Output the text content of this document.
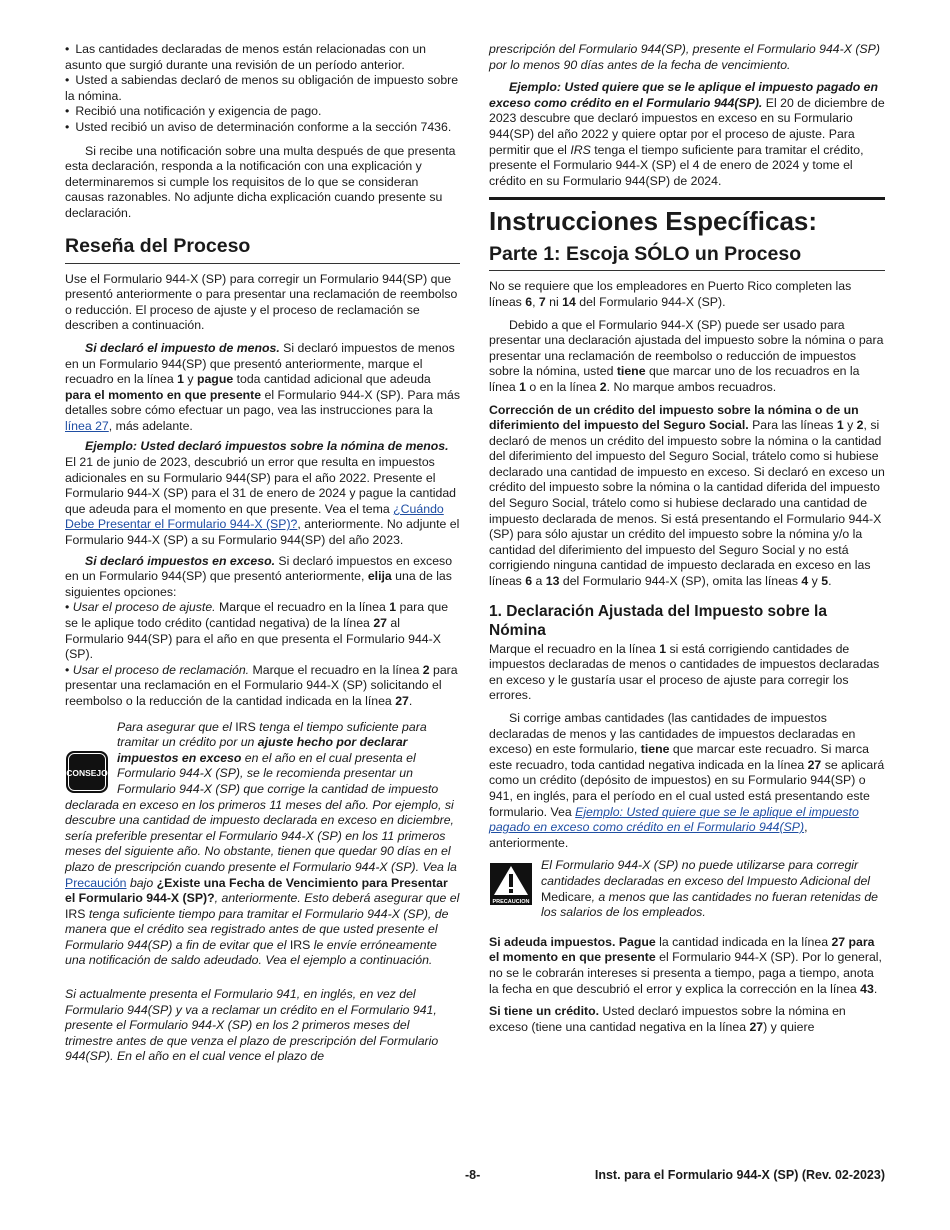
• Las cantidades declaradas de menos están relacionadas con un asunto que surgió durante una revisión de un período anterior.
• Usted a sabiendas declaró de menos su obligación de impuesto sobre la nómina.
• Recibió una notificación y exigencia de pago.
• Usted recibió un aviso de determinación conforme a la sección 7436.

Si recibe una notificación sobre una multa después de que presenta esta declaración, responda a la notificación con una explicación y determinaremos si cumple los requisitos de lo que se consideran causas razonables. No adjunte dicha explicación cuando presente su declaración.

Reseña del Proceso

Use el Formulario 944-X (SP) para corregir un Formulario 944(SP) que presentó anteriormente o para presentar una reclamación de reembolso o reducción. El proceso de ajuste y el proceso de reclamación se describen a continuación.

Si declaró el impuesto de menos. Si declaró impuestos de menos en un Formulario 944(SP) que presentó anteriormente, marque el recuadro en la línea 1 y pague toda cantidad adicional que adeuda para el momento en que presente el Formulario 944-X (SP). Para más detalles sobre cómo efectuar un pago, vea las instrucciones para la línea 27, más adelante.

Ejemplo: Usted declaró impuestos sobre la nómina de menos. El 21 de junio de 2023, descubrió un error que resulta en impuestos adicionales en su Formulario 944(SP) para el año 2022. Presente el Formulario 944-X (SP) para el 31 de enero de 2024 y pague la cantidad que adeuda para el momento en que presente. Vea el tema ¿Cuándo Debe Presentar el Formulario 944-X (SP)?, anteriormente. No adjunte el Formulario 944-X (SP) a su Formulario 944(SP) del año 2023.

Si declaró impuestos en exceso. Si declaró impuestos en exceso en un Formulario 944(SP) que presentó anteriormente, elija una de las siguientes opciones:

• Usar el proceso de ajuste. Marque el recuadro en la línea 1 para que se le aplique todo crédito (cantidad negativa) de la línea 27 al Formulario 944(SP) para el año en que presenta el Formulario 944-X (SP).

• Usar el proceso de reclamación. Marque el recuadro en la línea 2 para presentar una reclamación en el Formulario 944-X (SP) solicitando el reembolso o la reducción de la cantidad indicada en la línea 27.

CONSEJO

Para asegurar que el IRS tenga el tiempo suficiente para tramitar un crédito por un ajuste hecho por declarar impuestos en exceso en el año en el cual presenta el Formulario 944-X (SP), se le recomienda presentar un Formulario 944-X (SP) que corrige la cantidad de impuesto declarada en exceso en los primeros 11 meses del año. Por ejemplo, si descubre una cantidad de impuesto declarada en exceso en diciembre, sería preferible presentar el Formulario 944-X (SP) en los 11 primeros meses del siguiente año. No obstante, tienen que quedar 90 días en el plazo de prescripción cuando presente el Formulario 944-X (SP). Vea la Precaución bajo ¿Existe una Fecha de Vencimiento para Presentar el Formulario 944-X (SP)?, anteriormente. Esto deberá asegurar que el IRS tenga suficiente tiempo para tramitar el Formulario 944-X (SP), de manera que el crédito sea registrado antes de que usted presente el Formulario 944(SP) a fin de evitar que el IRS le envíe erróneamente una notificación de saldo adeudado. Vea el ejemplo a continuación.

Si actualmente presenta el Formulario 941, en inglés, en vez del Formulario 944(SP) y va a reclamar un crédito en el Formulario 941, presente el Formulario 944-X (SP) en los 2 primeros meses del trimestre antes de que venza el plazo de prescripción del Formulario 944(SP). En el año en el cual vence el plazo de

prescripción del Formulario 944(SP), presente el Formulario 944-X (SP) por lo menos 90 días antes de la fecha de vencimiento.

Ejemplo: Usted quiere que se le aplique el impuesto pagado en exceso como crédito en el Formulario 944(SP). El 20 de diciembre de 2023 descubre que declaró impuestos en exceso en su Formulario 944(SP) del año 2022 y quiere optar por el proceso de ajuste. Para permitir que el IRS tenga el tiempo suficiente para tramitar el crédito, presente el Formulario 944-X (SP) el 4 de enero de 2024 y tome el crédito en su Formulario 944(SP) de 2024.

Instrucciones Específicas:
Parte 1: Escoja SÓLO un Proceso

No se requiere que los empleadores en Puerto Rico completen las líneas 6, 7 ni 14 del Formulario 944-X (SP).

Debido a que el Formulario 944-X (SP) puede ser usado para presentar una declaración ajustada del impuesto sobre la nómina o para presentar una reclamación de reembolso o reducción de impuestos sobre la nómina, usted tiene que marcar uno de los recuadros en la línea 1 o en la línea 2. No marque ambos recuadros.

Corrección de un crédito del impuesto sobre la nómina o de un diferimiento del impuesto del Seguro Social. Para las líneas 1 y 2, si declaró de menos un crédito del impuesto sobre la nómina o la cantidad del diferimiento del impuesto del Seguro Social, trátelo como si hubiese declarado una cantidad de impuesto en exceso. Si declaró en exceso un crédito del impuesto sobre la nómina o la cantidad diferida del impuesto del Seguro Social, trátelo como si hubiese declarado una cantidad de impuesto declarada de menos. Si está presentando el Formulario 944-X (SP) para sólo ajustar un crédito del impuesto sobre la nómina y/o la cantidad del diferimiento del impuesto del Seguro Social y no está corrigiendo ninguna cantidad de impuesto declarada en exceso en las líneas 6 a 13 del Formulario 944-X (SP), omita las líneas 4 y 5.

1. Declaración Ajustada del Impuesto sobre la Nómina

Marque el recuadro en la línea 1 si está corrigiendo cantidades de impuestos declaradas de menos o cantidades de impuestos declaradas en exceso y le gustaría usar el proceso de ajuste para corregir los errores.

Si corrige ambas cantidades (las cantidades de impuestos declaradas de menos y las cantidades de impuestos declaradas en exceso) en este formulario, tiene que marcar este recuadro. Si marca este recuadro, toda cantidad negativa indicada en la línea 27 se aplicará como un crédito (depósito de impuestos) en su Formulario 944(SP) o 941, en inglés, para el período en el cual usted está presentando este formulario. Vea Ejemplo: Usted quiere que se le aplique el impuesto pagado en exceso como crédito en el Formulario 944(SP), anteriormente.

PRECAUCION

El Formulario 944-X (SP) no puede utilizarse para corregir cantidades declaradas en exceso del Impuesto Adicional del Medicare, a menos que las cantidades no fueran retenidas de los salarios de los empleados.

Si adeuda impuestos. Pague la cantidad indicada en la línea 27 para el momento en que presente el Formulario 944-X (SP). Por lo general, no se le cobrarán intereses si presenta a tiempo, paga a tiempo, anota la fecha en que descubrió el error y explica la corrección en la línea 43.

Si tiene un crédito. Usted declaró impuestos sobre la nómina en exceso (tiene una cantidad negativa en la línea 27) y quiere

-8-	Inst. para el Formulario 944-X (SP) (Rev. 02-2023)
